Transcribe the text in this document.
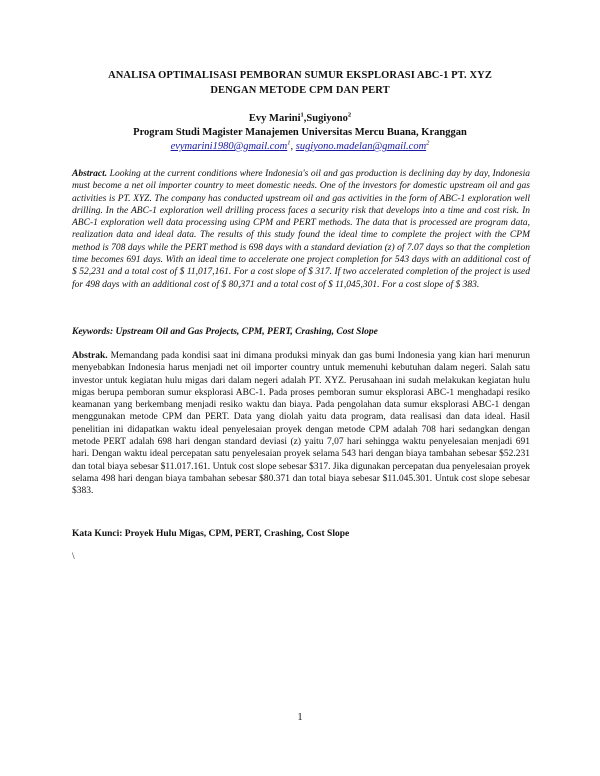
ANALISA OPTIMALISASI PEMBORAN SUMUR EKSPLORASI ABC-1 PT. XYZ
DENGAN METODE CPM DAN PERT
Evy Marini$^1$,Sugiyono$^2$
Program Studi Magister Manajemen Universitas Mercu Buana, Kranggan
evymarini1980@gmail.com$^1$, sugiyono.madelan@gmail.com$^2$
Abstract. Looking at the current conditions where Indonesia's oil and gas production is declining day by day, Indonesia must become a net oil importer country to meet domestic needs. One of the investors for domestic upstream oil and gas activities is PT. XYZ. The company has conducted upstream oil and gas activities in the form of ABC-1 exploration well drilling. In the ABC-1 exploration well drilling process faces a security risk that develops into a time and cost risk. In ABC-1 exploration well data processing using CPM and PERT methods. The data that is processed are program data, realization data and ideal data. The results of this study found the ideal time to complete the project with the CPM method is 708 days while the PERT method is 698 days with a standard deviation (z) of 7.07 days so that the completion time becomes 691 days. With an ideal time to accelerate one project completion for 543 days with an additional cost of $ 52,231 and a total cost of $ 11,017,161. For a cost slope of $ 317. If two accelerated completion of the project is used for 498 days with an additional cost of $ 80,371 and a total cost of $ 11,045,301. For a cost slope of $ 383.
Keywords: Upstream Oil and Gas Projects, CPM, PERT, Crashing, Cost Slope
Abstrak. Memandang pada kondisi saat ini dimana produksi minyak dan gas bumi Indonesia yang kian hari menurun menyebabkan Indonesia harus menjadi net oil importer country untuk memenuhi kebutuhan dalam negeri. Salah satu investor untuk kegiatan hulu migas dari dalam negeri adalah PT. XYZ. Perusahaan ini sudah melakukan kegiatan hulu migas berupa pemboran sumur eksplorasi ABC-1. Pada proses pemboran sumur eksplorasi ABC-1 menghadapi resiko keamanan yang berkembang menjadi resiko waktu dan biaya. Pada pengolahan data sumur eksplorasi ABC-1 dengan menggunakan metode CPM dan PERT. Data yang diolah yaitu data program, data realisasi dan data ideal. Hasil penelitian ini didapatkan waktu ideal penyelesaian proyek dengan metode CPM adalah 708 hari sedangkan dengan metode PERT adalah 698 hari dengan standard deviasi (z) yaitu 7,07 hari sehingga waktu penyelesaian menjadi 691 hari. Dengan waktu ideal percepatan satu penyelesaian proyek selama 543 hari dengan biaya tambahan sebesar $52.231 dan total biaya sebesar $11.017.161. Untuk cost slope sebesar $317. Jika digunakan percepatan dua penyelesaian proyek selama 498 hari dengan biaya tambahan sebesar $80.371 dan total biaya sebesar $11.045.301. Untuk cost slope sebesar $383.
Kata Kunci: Proyek Hulu Migas, CPM, PERT, Crashing, Cost Slope
\
1
